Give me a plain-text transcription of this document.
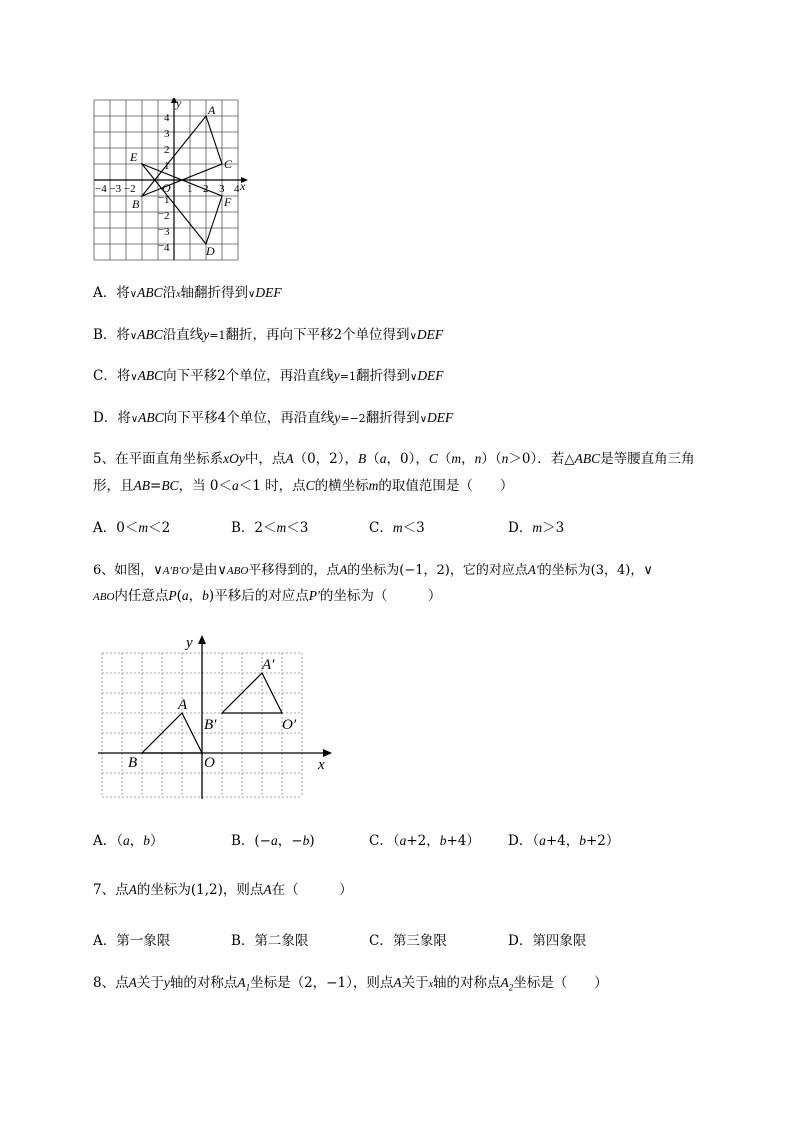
A
C
E
B	F
D
y
x
O
−4 −3 −2	1 2 3 4
4
3
2
1
− 1
− 2
− 3
− 4
A．将∨ABC沿x轴翻折得到∨DEF
B．将∨ABC沿直线y=1翻折，再向下平移2个单位得到∨DEF
C．将∨ABC向下平移2个单位，再沿直线y=1翻折得到∨DEF
D．将∨ABC向下平移4个单位，再沿直线y=−2翻折得到∨DEF
5、在平面直角坐标系xOy中，点A（0，2），B（a，0），C（m，n）（n＞0）．若△ABC是等腰直角三角
形，且AB=BC，当 0＜a＜1 时，点C的横坐标m的取值范围是（　　）
A．0＜m＜2	B．2＜m＜3	C．m＜3	D．m＞3
6、如图，∨A′B′O′是由∨ABO平移得到的，点A的坐标为(−1，2)，它的对应点A′的坐标为(3，4)，∨
ABO内任意点P(a，b)平移后的对应点P′的坐标为（　　　）
y
x
A
B	O
A′
B′	O′
A．（a，b）	B．(−a，−b)	C．（a+2，b+4） D．（a+4，b+2）
7、点A的坐标为(1,2)，则点A在（　　　）
A．第一象限	B．第二象限	C．第三象限	D．第四象限
8、点A关于y轴的对称点$A_1$坐标是（2，−1），则点A关于x轴的对称点$A_2$坐标是（　　）
